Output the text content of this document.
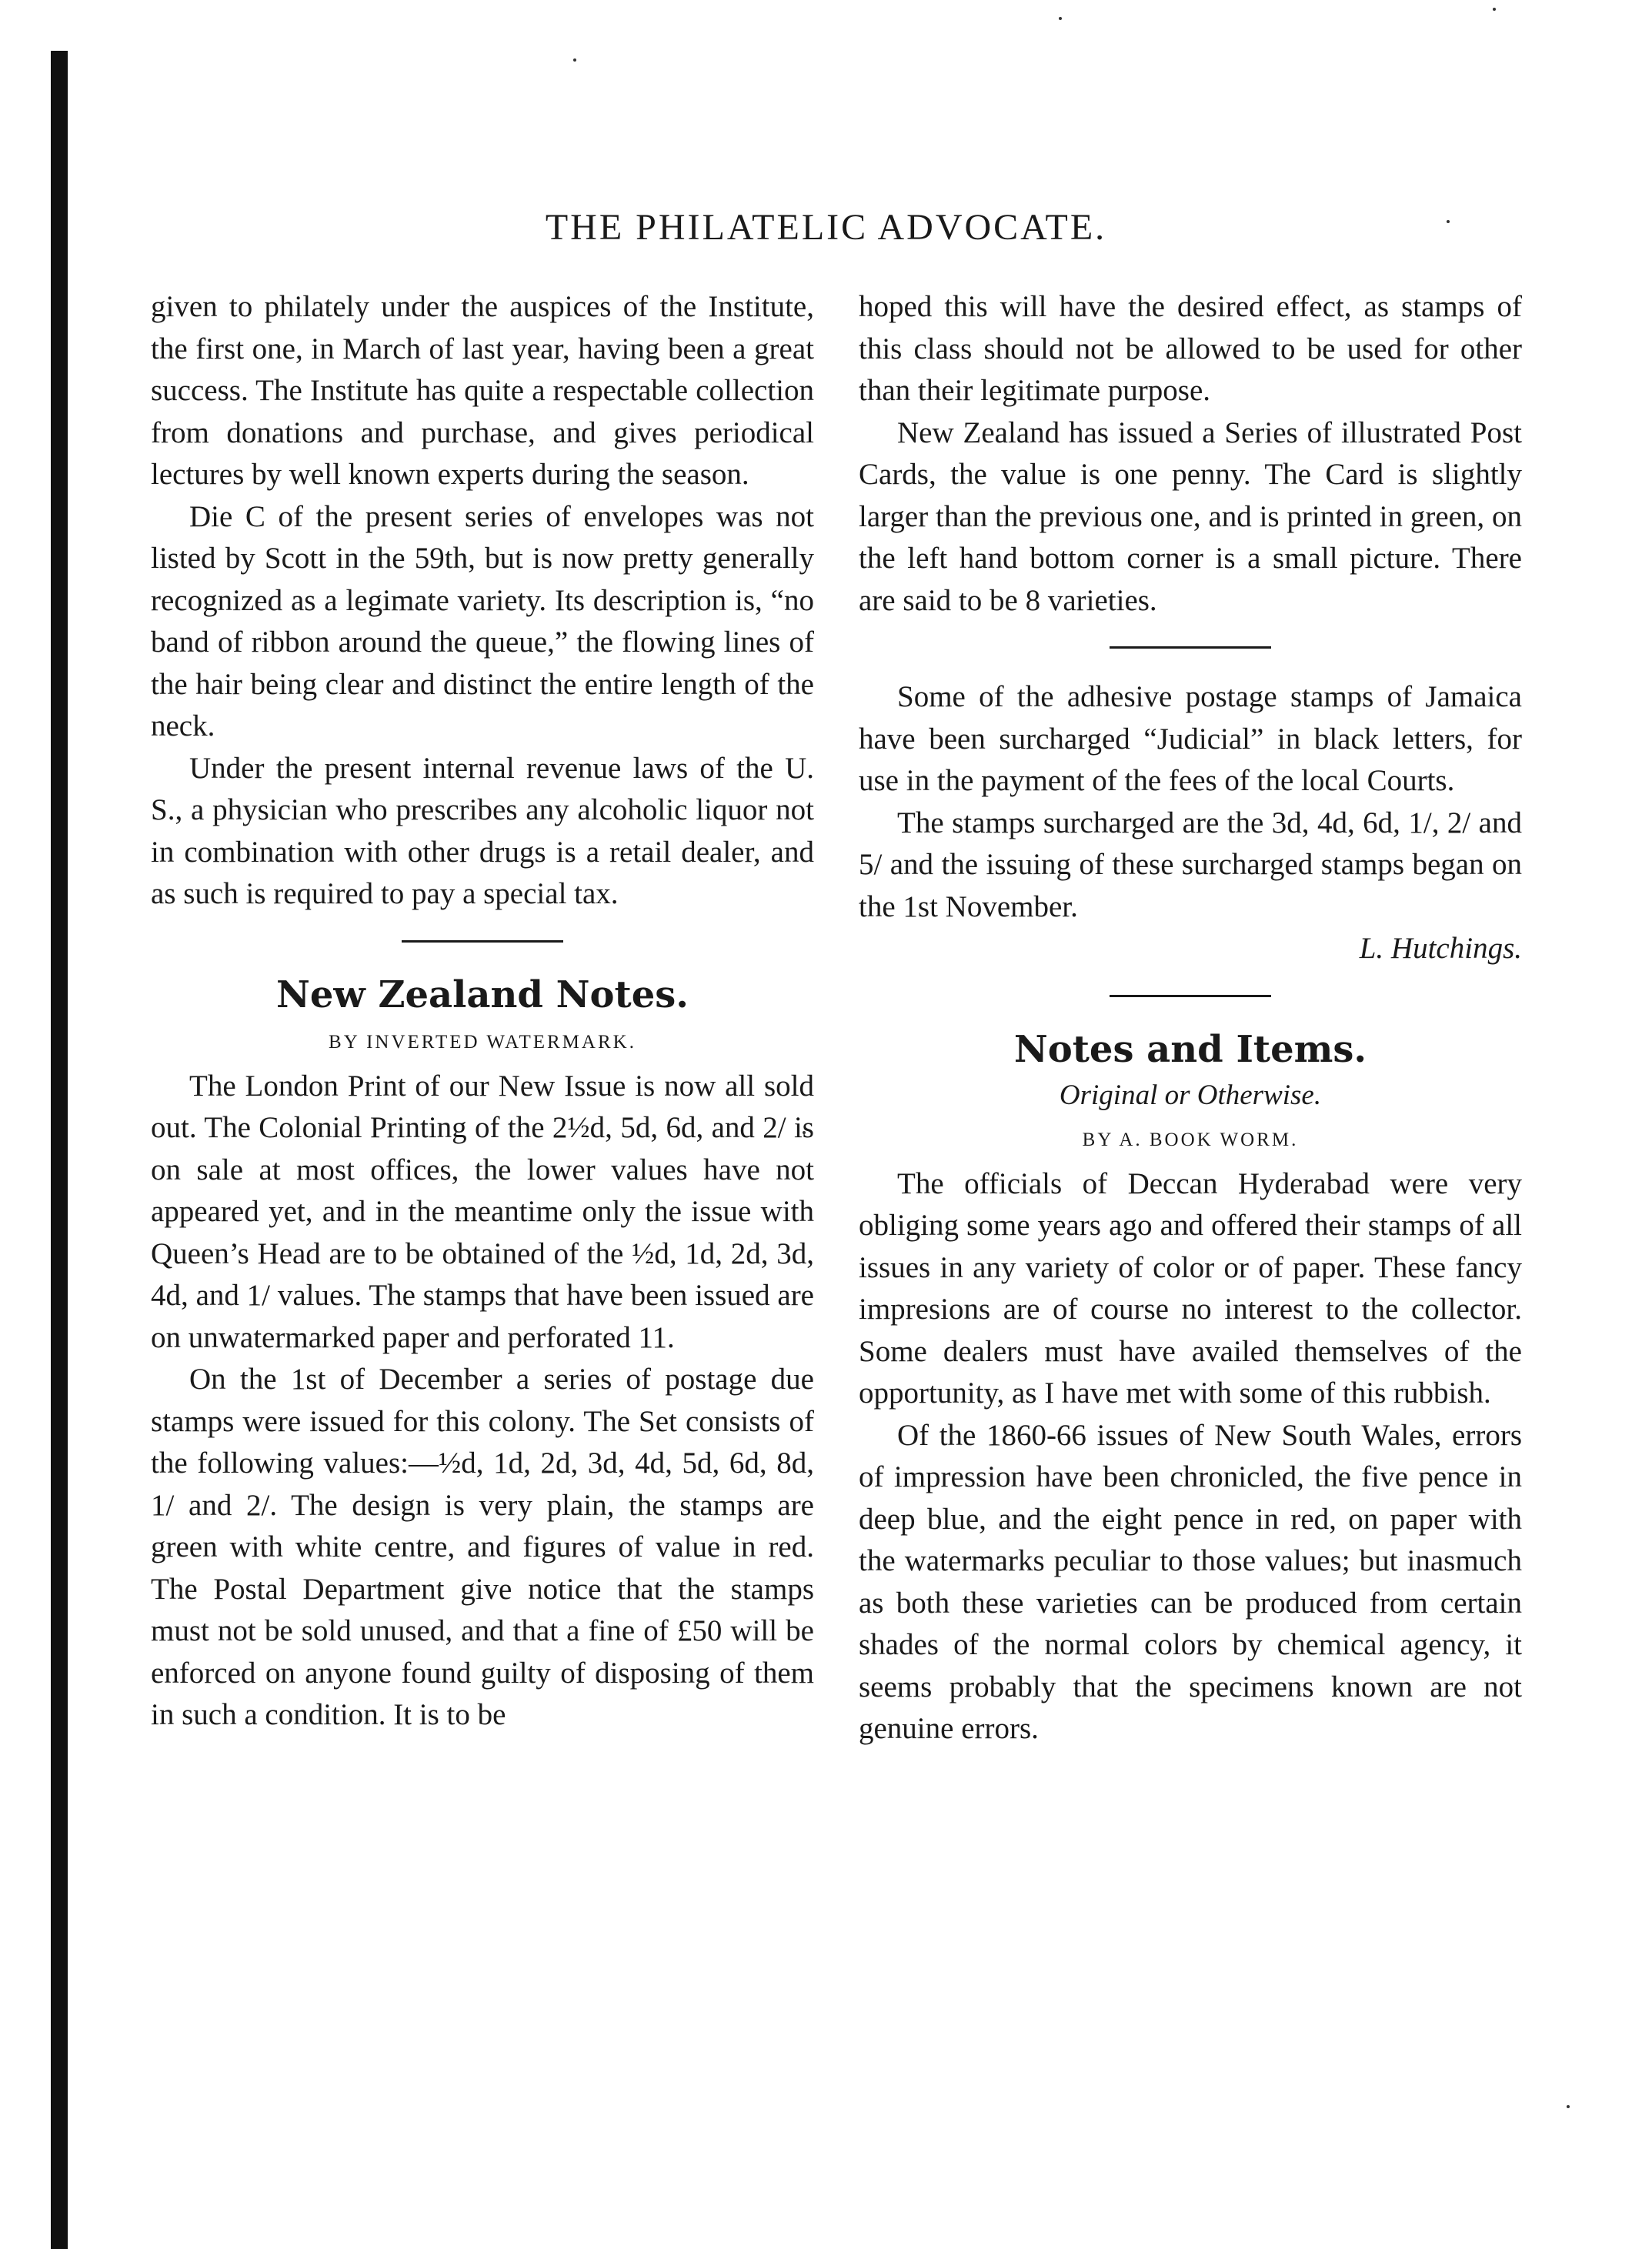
THE PHILATELIC ADVOCATE.

given to philately under the auspices of the Institute, the first one, in March of last year, having been a great success. The Institute has quite a respectable collection from donations and purchase, and gives periodical lectures by well known experts during the season.

Die C of the present series of envelopes was not listed by Scott in the 59th, but is now pretty generally recognized as a legimate variety. Its description is, “no band of ribbon around the queue,” the flowing lines of the hair being clear and distinct the entire length of the neck.

Under the present internal revenue laws of the U. S., a physician who prescribes any alcoholic liquor not in combination with other drugs is a retail dealer, and as such is required to pay a special tax.

New Zealand Notes.
BY INVERTED WATERMARK.

The London Print of our New Issue is now all sold out. The Colonial Printing of the 2½d, 5d, 6d, and 2/ is on sale at most offices, the lower values have not appeared yet, and in the meantime only the issue with Queen’s Head are to be obtained of the ½d, 1d, 2d, 3d, 4d, and 1/ values. The stamps that have been issued are on unwatermarked paper and perforated 11.

On the 1st of December a series of postage due stamps were issued for this colony. The Set consists of the following values:—½d, 1d, 2d, 3d, 4d, 5d, 6d, 8d, 1/ and 2/. The design is very plain, the stamps are green with white centre, and figures of value in red. The Postal Department give notice that the stamps must not be sold unused, and that a fine of £50 will be enforced on anyone found guilty of disposing of them in such a condition. It is to be

hoped this will have the desired effect, as stamps of this class should not be allowed to be used for other than their legitimate purpose.

New Zealand has issued a Series of illustrated Post Cards, the value is one penny. The Card is slightly larger than the previous one, and is printed in green, on the left hand bottom corner is a small picture. There are said to be 8 varieties.

Some of the adhesive postage stamps of Jamaica have been surcharged “Judicial” in black letters, for use in the payment of the fees of the local Courts.

The stamps surcharged are the 3d, 4d, 6d, 1/, 2/ and 5/ and the issuing of these surcharged stamps began on the 1st November.

L. Hutchings.
Notes and Items.
Original or Otherwise.
BY A. BOOK WORM.

The officials of Deccan Hyderabad were very obliging some years ago and offered their stamps of all issues in any variety of color or of paper. These fancy impresions are of course no interest to the collector. Some dealers must have availed themselves of the opportunity, as I have met with some of this rubbish.

Of the 1860-66 issues of New South Wales, errors of impression have been chronicled, the five pence in deep blue, and the eight pence in red, on paper with the watermarks peculiar to those values; but inasmuch as both these varieties can be produced from certain shades of the normal colors by chemical agency, it seems probably that the specimens known are not genuine errors.
